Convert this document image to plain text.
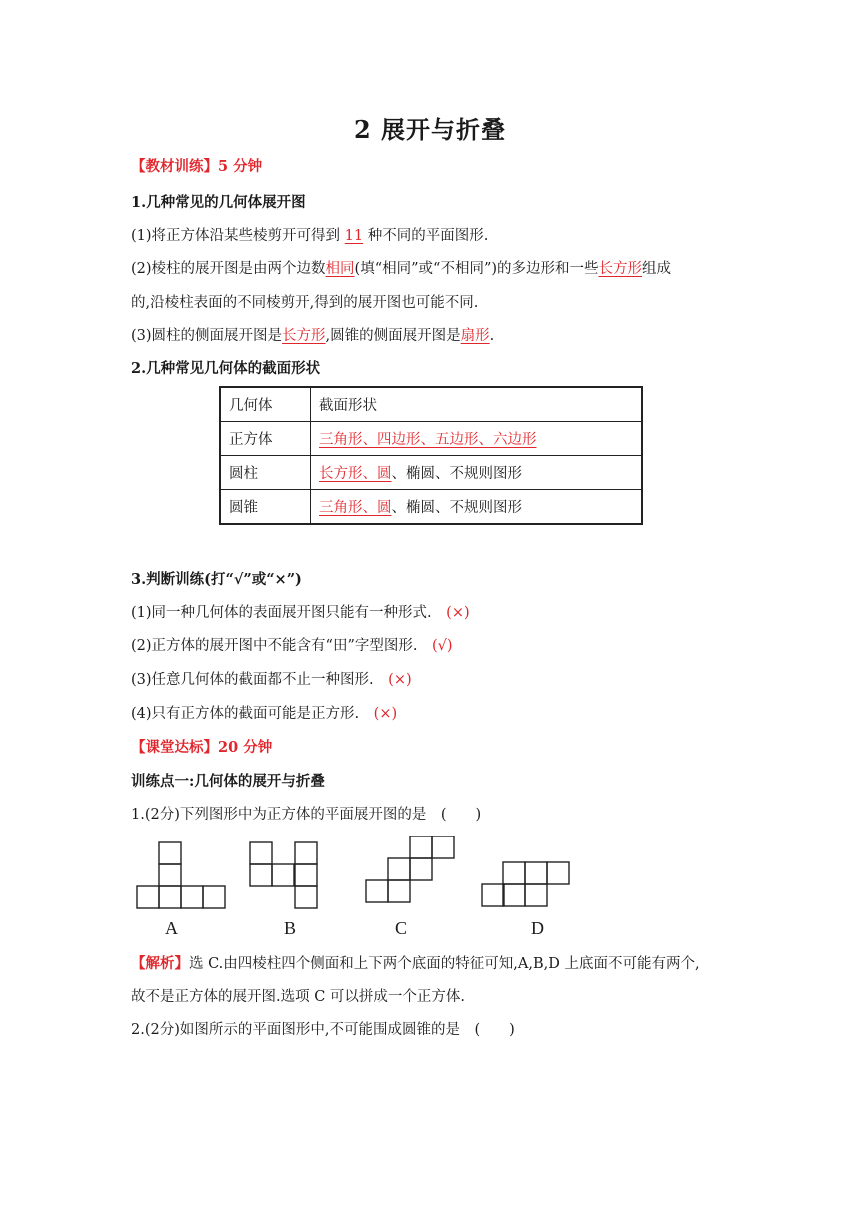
2 展开与折叠
【教材训练】5 分钟
1.几种常见的几何体展开图
(1)将正方体沿某些棱剪开可得到 11 种不同的平面图形.
(2)棱柱的展开图是由两个边数相同(填“相同”或“不相同”)的多边形和一些长方形组成
的,沿棱柱表面的不同棱剪开,得到的展开图也可能不同.
(3)圆柱的侧面展开图是长方形,圆锥的侧面展开图是扇形.
2.几种常见几何体的截面形状
几何体	截面形状
正方体	三角形、四边形、五边形、六边形
圆柱	长方形、圆、椭圆、不规则图形
圆锥	三角形、圆、椭圆、不规则图形
3.判断训练(打“√”或“×”)
(1)同一种几何体的表面展开图只能有一种形式.　(×)
(2)正方体的展开图中不能含有“田”字型图形.　(√)
(3)任意几何体的截面都不止一种图形.　(×)
(4)只有正方体的截面可能是正方形.　(×)
【课堂达标】20 分钟
训练点一:几何体的展开与折叠
1.(2分)下列图形中为正方体的平面展开图的是　(　　)
A	B	C	D
【解析】选 C.由四棱柱四个侧面和上下两个底面的特征可知,A,B,D 上底面不可能有两个,
故不是正方体的展开图.选项 C 可以拼成一个正方体.
2.(2分)如图所示的平面图形中,不可能围成圆锥的是　(　　)
